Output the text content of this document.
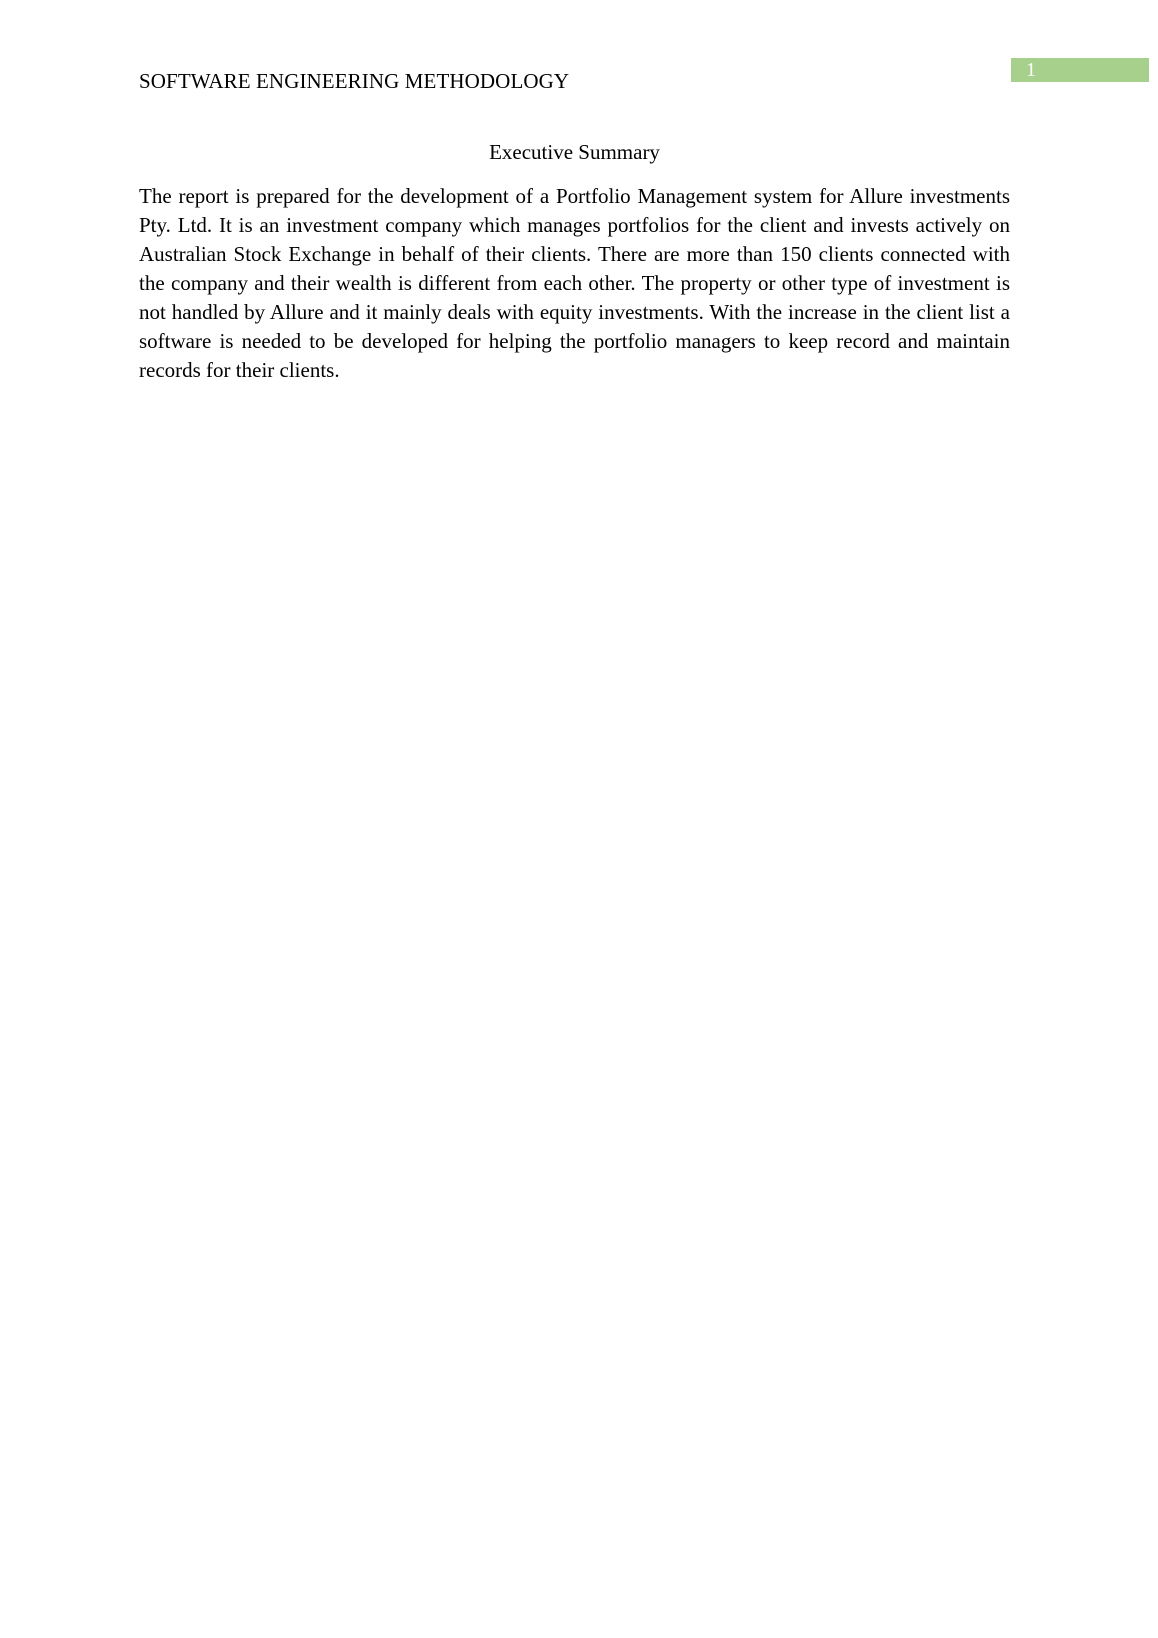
SOFTWARE ENGINEERING METHODOLOGY	1
Executive Summary

The report is prepared for the development of a Portfolio Management system for Allure investments Pty. Ltd. It is an investment company which manages portfolios for the client and invests actively on Australian Stock Exchange in behalf of their clients. There are more than 150 clients connected with the company and their wealth is different from each other. The property or other type of investment is not handled by Allure and it mainly deals with equity investments. With the increase in the client list a software is needed to be developed for helping the portfolio managers to keep record and maintain records for their clients.
